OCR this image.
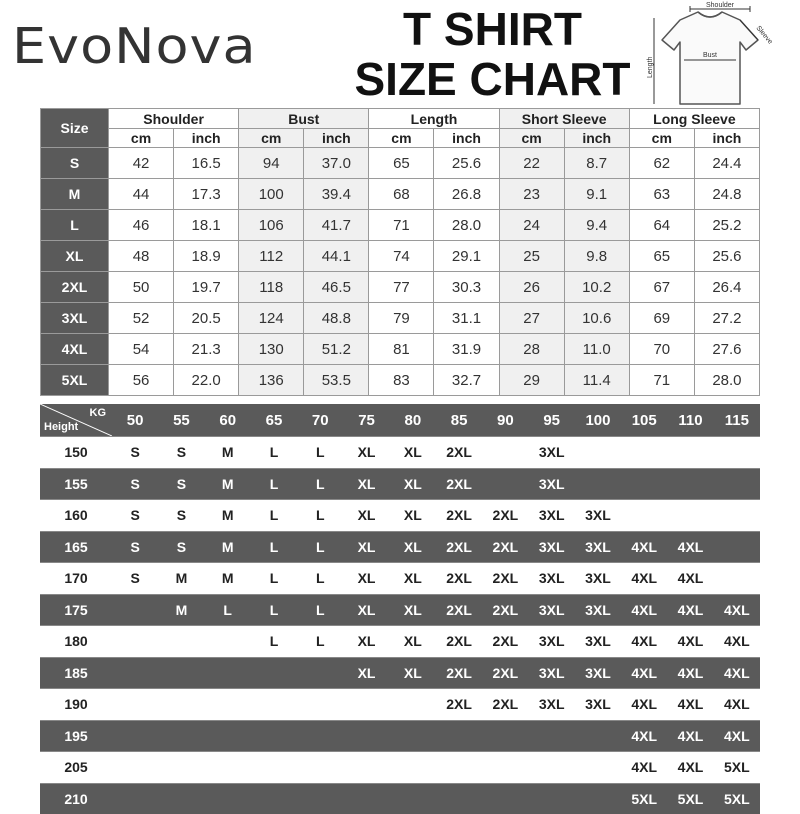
EvoNova	T SHIRT
SIZE CHART
Shoulder
Bust
Length
Sleeve
Size	Shoulder		Bust		Length		Short Sleeve		Long Sleeve	
	cm	inch	cm	inch	cm	inch	cm	inch	cm	inch
S	42	16.5	94	37.0	65	25.6	22	8.7	62	24.4
M	44	17.3	100	39.4	68	26.8	23	9.1	63	24.8
L	46	18.1	106	41.7	71	28.0	24	9.4	64	25.2
XL	48	18.9	112	44.1	74	29.1	25	9.8	65	25.6
2XL	50	19.7	118	46.5	77	30.3	26	10.2	67	26.4
3XL	52	20.5	124	48.8	79	31.1	27	10.6	69	27.2
4XL	54	21.3	130	51.2	81	31.9	28	11.0	70	27.6
5XL	56	22.0	136	53.5	83	32.7	29	11.4	71	28.0
KG
Height	50	55	60	65	70	75	80	85	90	95	100	105	110	115
150	S	S	M	L	L	XL	XL	2XL		3XL				
155	S	S	M	L	L	XL	XL	2XL		3XL				
160	S	S	M	L	L	XL	XL	2XL	2XL	3XL	3XL			
165	S	S	M	L	L	XL	XL	2XL	2XL	3XL	3XL	4XL	4XL	
170	S	M	M	L	L	XL	XL	2XL	2XL	3XL	3XL	4XL	4XL	
175		M	L	L	L	XL	XL	2XL	2XL	3XL	3XL	4XL	4XL	4XL
180				L	L	XL	XL	2XL	2XL	3XL	3XL	4XL	4XL	4XL
185						XL	XL	2XL	2XL	3XL	3XL	4XL	4XL	4XL
190								2XL	2XL	3XL	3XL	4XL	4XL	4XL
195												4XL	4XL	4XL
205												4XL	4XL	5XL
210												5XL	5XL	5XL
